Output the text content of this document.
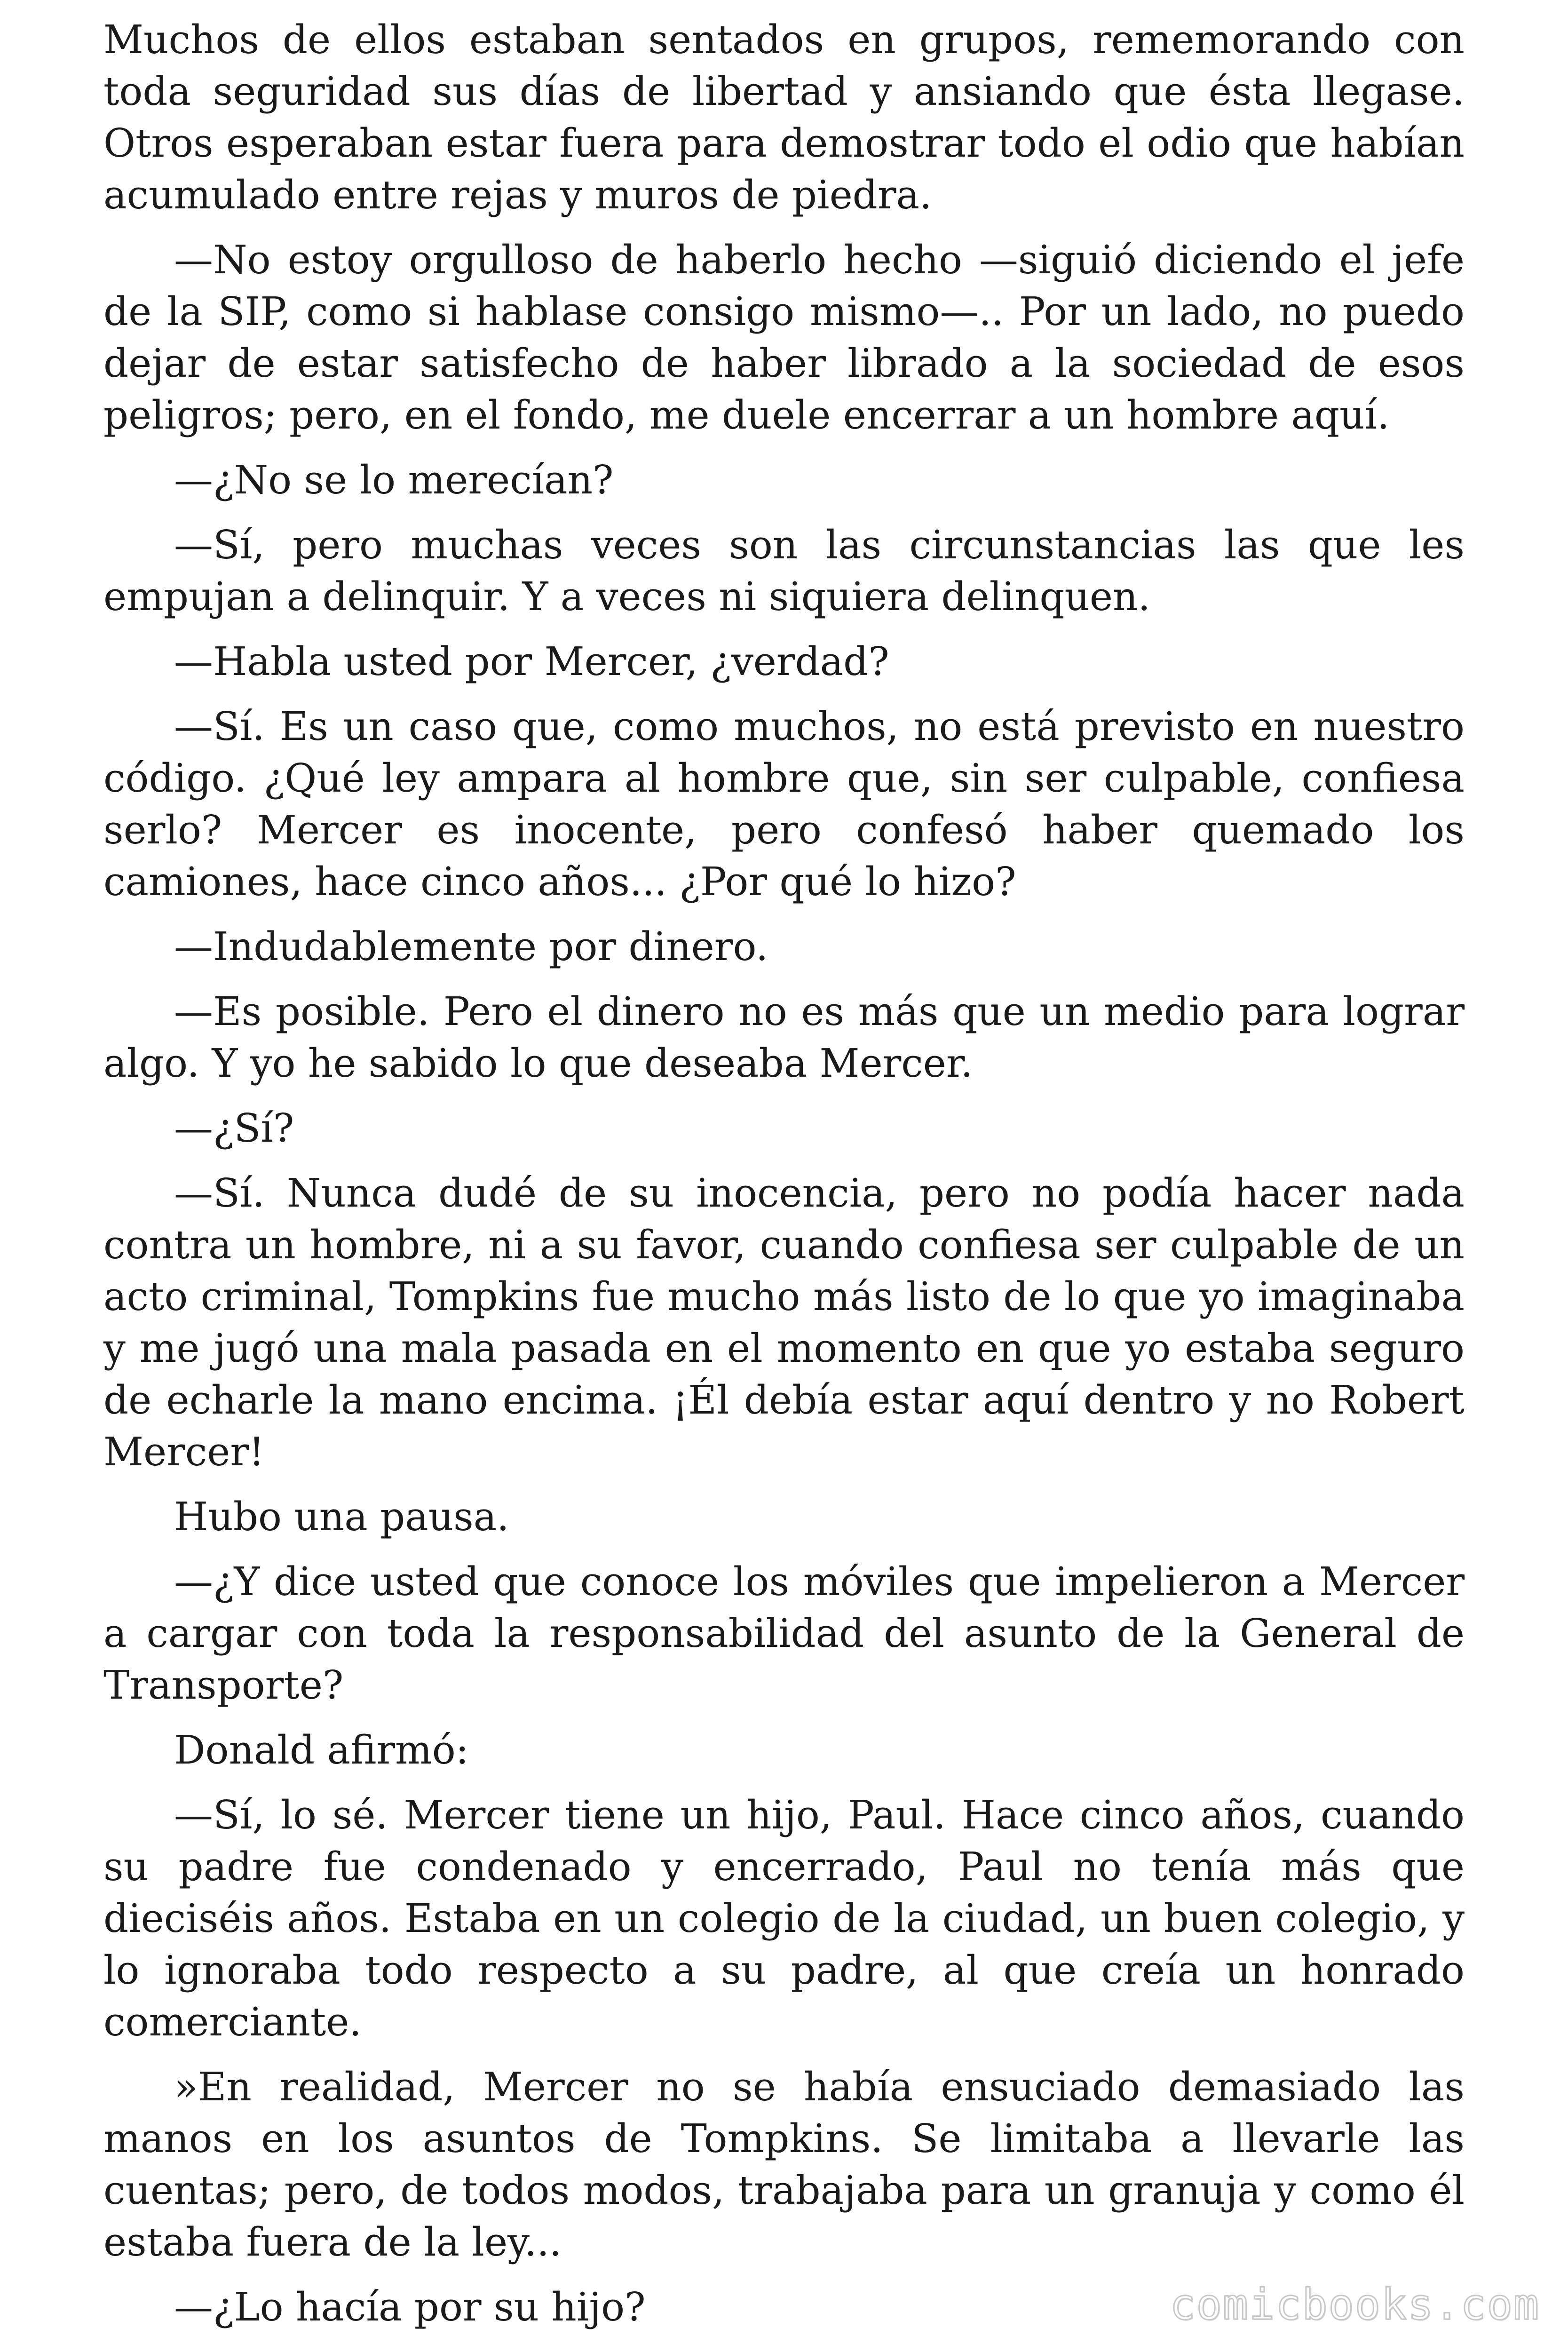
Muchos de ellos estaban sentados en grupos, rememorando con toda seguridad sus días de libertad y ansiando que ésta llegase. Otros esperaban estar fuera para demostrar todo el odio que habían acumulado entre rejas y muros de piedra.

—No estoy orgulloso de haberlo hecho —siguió diciendo el jefe de la SIP, como si hablase consigo mismo—.. Por un lado, no puedo dejar de estar satisfecho de haber librado a la sociedad de esos peligros; pero, en el fondo, me duele encerrar a un hombre aquí.

—¿No se lo merecían?

—Sí, pero muchas veces son las circunstancias las que les empujan a delinquir. Y a veces ni siquiera delinquen.

—Habla usted por Mercer, ¿verdad?

—Sí. Es un caso que, como muchos, no está previsto en nuestro código. ¿Qué ley ampara al hombre que, sin ser culpable, confiesa serlo? Mercer es inocente, pero confesó haber quemado los camiones, hace cinco años... ¿Por qué lo hizo?

—Indudablemente por dinero.

—Es posible. Pero el dinero no es más que un medio para lograr algo. Y yo he sabido lo que deseaba Mercer.

—¿Sí?

—Sí. Nunca dudé de su inocencia, pero no podía hacer nada contra un hombre, ni a su favor, cuando confiesa ser culpable de un acto criminal, Tompkins fue mucho más listo de lo que yo imaginaba y me jugó una mala pasada en el momento en que yo estaba seguro de echarle la mano encima. ¡Él debía estar aquí dentro y no Robert Mercer!

Hubo una pausa.

—¿Y dice usted que conoce los móviles que impelieron a Mercer a cargar con toda la responsabilidad del asunto de la General de Transporte?

Donald afirmó:

—Sí, lo sé. Mercer tiene un hijo, Paul. Hace cinco años, cuando su padre fue condenado y encerrado, Paul no tenía más que dieciséis años. Estaba en un colegio de la ciudad, un buen colegio, y lo ignoraba todo respecto a su padre, al que creía un honrado comerciante.

»En realidad, Mercer no se había ensuciado demasiado las manos en los asuntos de Tompkins. Se limitaba a llevarle las cuentas; pero, de todos modos, trabajaba para un granuja y como él estaba fuera de la ley...

—¿Lo hacía por su hijo?	comicbooks.com
